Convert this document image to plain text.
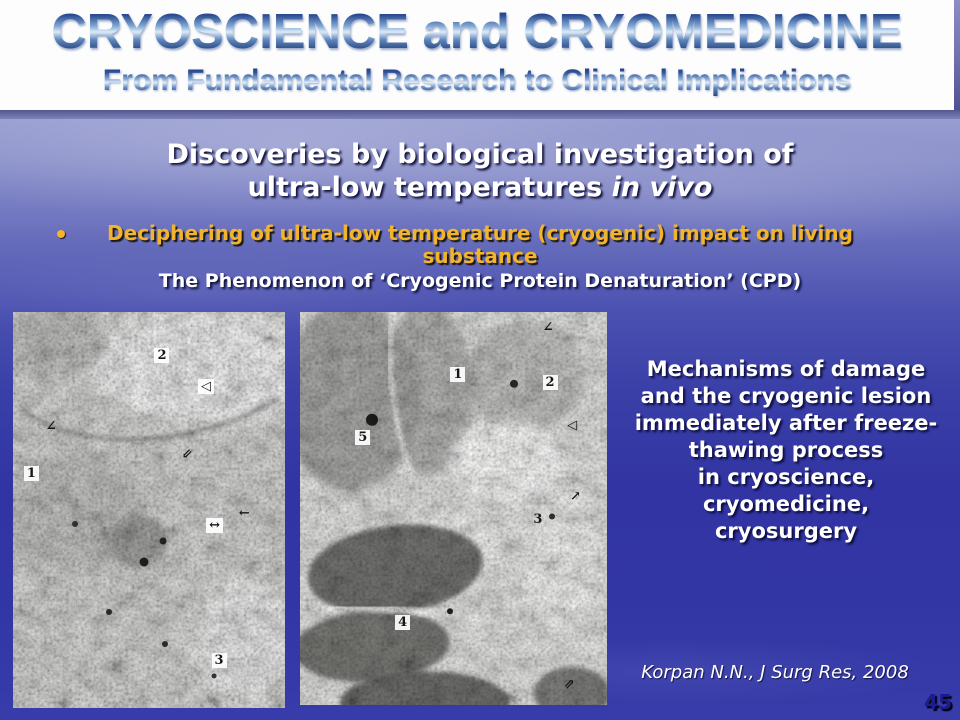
CRYOSCIENCE and CRYOMEDICINE
From Fundamental Research to Clinical Implications
Discoveries by biological investigation of
ultra-low temperatures in vivo
Deciphering of ultra-low temperature (cryogenic) impact on living substance
The Phenomenon of ‘Cryogenic Protein Denaturation’ (CPD)
2
◁
∠
⇙
1
←
↔
3
∠
1
2
◁
5
↗
3
4
⇗
Mechanisms of damage
and the cryogenic lesion
immediately after freeze-
thawing process
in cryoscience,
cryomedicine,
cryosurgery
Korpan N.N., J Surg Res, 2008
45
